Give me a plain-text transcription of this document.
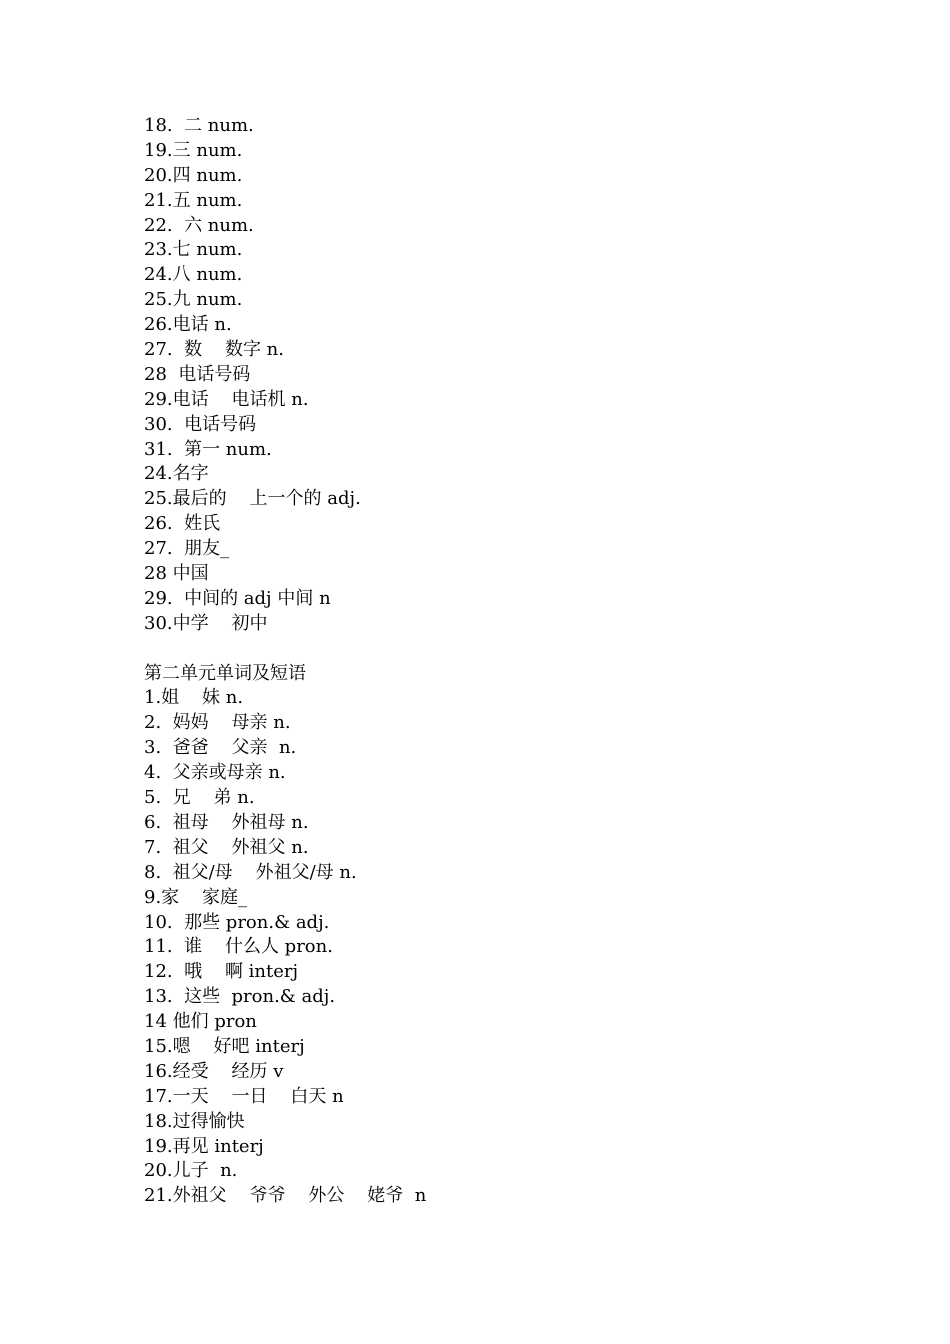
18.  二 num.
19.三 num.
20.四 num.
21.五 num.
22.  六 num.
23.七 num.
24.八 num.
25.九 num.
26.电话 n.
27.  数    数字 n.
28  电话号码
29.电话    电话机 n.
30.  电话号码
31.  第一 num.
24.名字
25.最后的    上一个的 adj.
26.  姓氏
27.  朋友_
28 中国
29.  中间的 adj 中间 n
30.中学    初中
第二单元单词及短语
1.姐    妹 n.
2.  妈妈    母亲 n.
3.  爸爸    父亲  n.
4.  父亲或母亲 n.
5.  兄    弟 n.
6.  祖母    外祖母 n.
7.  祖父    外祖父 n.
8.  祖父/母    外祖父/母 n.
9.家    家庭_
10.  那些 pron.& adj.
11.  谁    什么人 pron.
12.  哦    啊 interj
13.  这些  pron.& adj.
14 他们 pron
15.嗯    好吧 interj
16.经受    经历 v
17.一天    一日    白天 n
18.过得愉快
19.再见 interj
20.儿子  n.
21.外祖父    爷爷    外公    姥爷  n
